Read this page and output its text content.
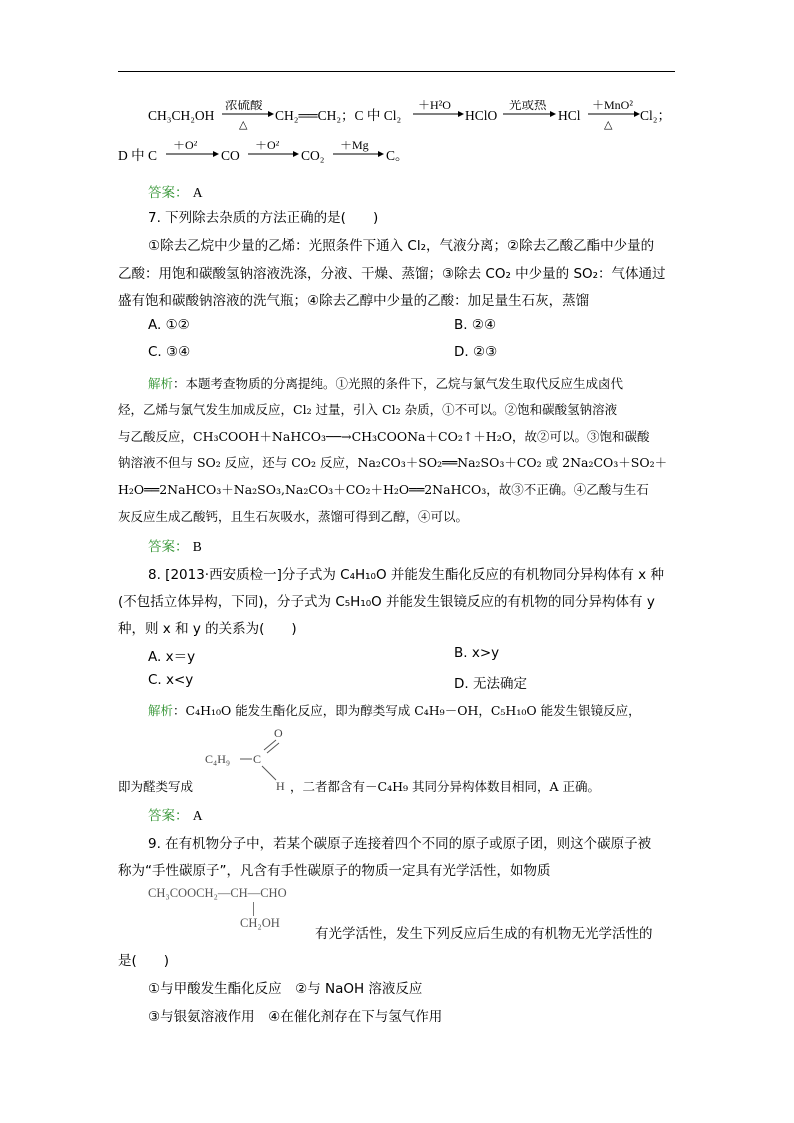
CH₃CH₂OH
浓硫酸
△
CH₂══CH₂；C 中 Cl₂
＋H²O
HClO
光或热
HCl
＋MnO²
△
Cl₂；
D 中 C
＋O²
CO
＋O²
CO₂
＋Mg
C。
答案： A
7. 下列除去杂质的方法正确的是(　　)
①除去乙烷中少量的乙烯：光照条件下通入 Cl₂，气液分离；②除去乙酸乙酯中少量的
乙酸：用饱和碳酸氢钠溶液洗涤，分液、干燥、蒸馏；③除去 CO₂ 中少量的 SO₂：气体通过
盛有饱和碳酸钠溶液的洗气瓶；④除去乙醇中少量的乙酸：加足量生石灰，蒸馏
A. ①②	B. ②④
C. ③④	D. ②③
解析：本题考查物质的分离提纯。①光照的条件下，乙烷与氯气发生取代反应生成卤代
烃，乙烯与氯气发生加成反应，Cl₂ 过量，引入 Cl₂ 杂质，①不可以。②饱和碳酸氢钠溶液
与乙酸反应，CH₃COOH＋NaHCO₃──→CH₃COONa＋CO₂↑＋H₂O，故②可以。③饱和碳酸
钠溶液不但与 SO₂ 反应，还与 CO₂ 反应，Na₂CO₃＋SO₂══Na₂SO₃＋CO₂ 或 2Na₂CO₃＋SO₂＋
H₂O══2NaHCO₃＋Na₂SO₃,Na₂CO₃＋CO₂＋H₂O══2NaHCO₃，故③不正确。④乙酸与生石
灰反应生成乙酸钙，且生石灰吸水，蒸馏可得到乙醇，④可以。
答案： B
8. [2013·西安质检一]分子式为 C₄H₁₀O 并能发生酯化反应的有机物同分异构体有 x 种
(不包括立体异构，下同)，分子式为 C₅H₁₀O 并能发生银镜反应的有机物的同分异构体有 y
种，则 x 和 y 的关系为(　　)
A. x＝y	B. x>y
C. x<y	D. 无法确定
解析：C₄H₁₀O 能发生酯化反应，即为醇类写成 C₄H₉－OH，C₅H₁₀O 能发生银镜反应，
O
C₄H₉ C
H
即为醛类写成	，二者都含有－C₄H₉ 其同分异构体数目相同，A 正确。
答案： A
9. 在有机物分子中，若某个碳原子连接着四个不同的原子或原子团，则这个碳原子被
称为“手性碳原子”，凡含有手性碳原子的物质一定具有光学活性，如物质
CH₃COOCH₂—CH—CHO
CH₂OH
有光学活性，发生下列反应后生成的有机物无光学活性的
是(　　)
①与甲酸发生酯化反应　②与 NaOH 溶液反应
③与银氨溶液作用　④在催化剂存在下与氢气作用
